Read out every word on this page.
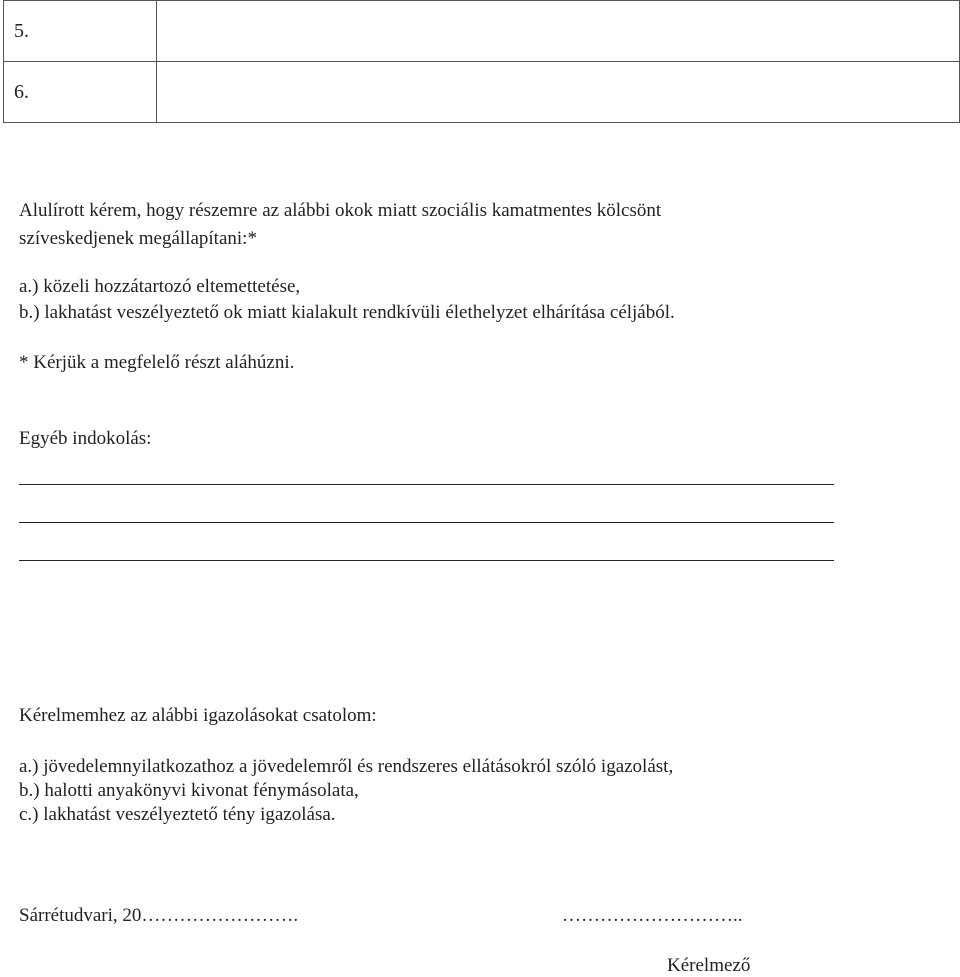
5.	
6.	
Alulírott kérem, hogy részemre az alábbi okok miatt szociális kamatmentes kölcsönt
szíveskedjenek megállapítani:*
a.) közeli hozzátartozó eltemettetése,
b.) lakhatást veszélyeztető ok miatt kialakult rendkívüli élethelyzet elhárítása céljából.
* Kérjük a megfelelő részt aláhúzni.
Egyéb indokolás:
Kérelmemhez az alábbi igazolásokat csatolom:
a.) jövedelemnyilatkozathoz a jövedelemről és rendszeres ellátásokról szóló igazolást,
b.) halotti anyakönyvi kivonat fénymásolata,
c.) lakhatást veszélyeztető tény igazolása.
Sárrétudvari, 20…………………….	………………………..
Kérelmező
